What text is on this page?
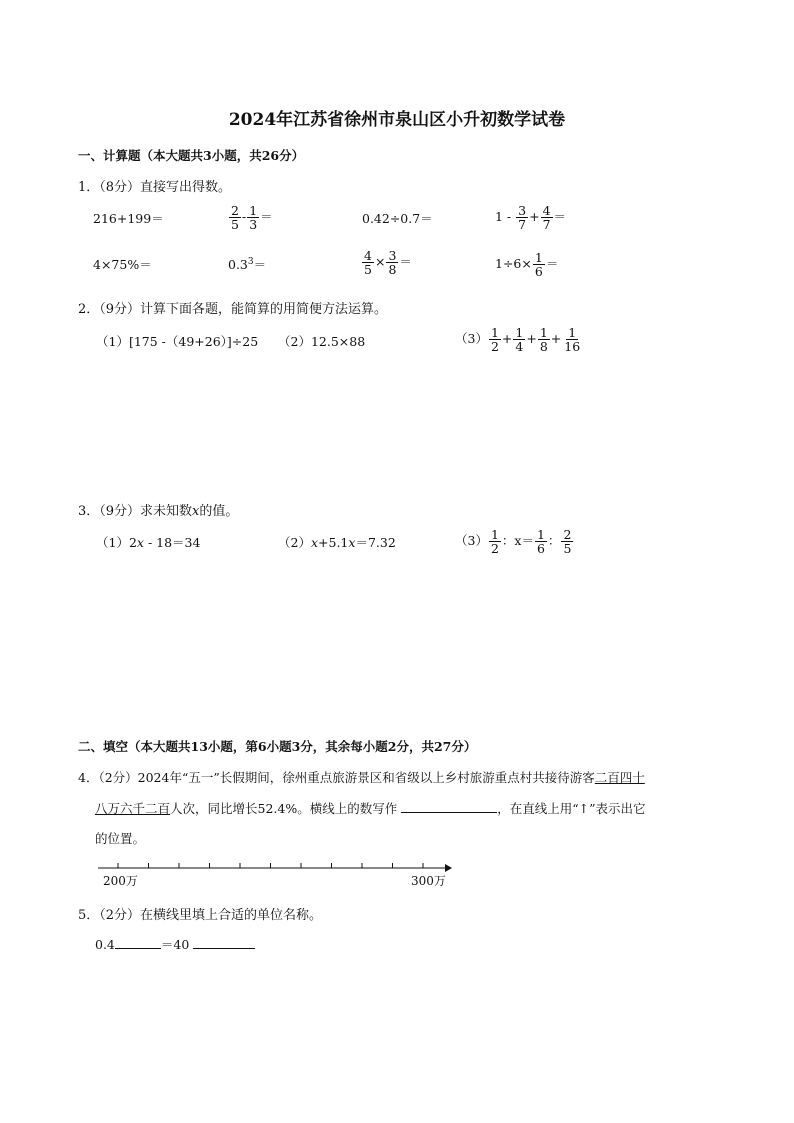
2024年江苏省徐州市泉山区小升初数学试卷
一、计算题（本大题共3小题，共26分）
1．（8分）直接写出得数。
216+199＝	$\frac{2}{5} - \frac{1}{3}$ ＝	0.42÷0.7＝	$1 - \frac{3}{7} + \frac{4}{7}$ ＝
4×75%＝	$0.3^3=$	$\frac{4}{5} \times \frac{3}{8}$ ＝	$1\div 6\times \frac{1}{6}$ ＝
2．（9分）计算下面各题，能简算的用简便方法运算。
（1）[175 -（49+26）]÷25 （2）12.5×88	$(3) \frac{1}{2} + \frac{1}{4} + \frac{1}{8} + \frac{1}{16}$
3．（9分）求未知数x的值。
（1）2x - 18＝34	（2）x+5.1x＝7.32	$(3) \frac{1}{2}$ ：$x= \frac{1}{6}$ ： $\frac{2}{5}$
二、填空（本大题共13小题，第6小题3分，其余每小题2分，共27分）
4．（2分）2024年“五一”长假期间，徐州重点旅游景区和省级以上乡村旅游重点村共接待游客二百四十
八万六千二百人次，同比增长52.4%。横线上的数写作	，在直线上用“↑”表示出它
的位置。
200万	300万
5．（2分）在横线里填上合适的单位名称。
0.4	＝40
